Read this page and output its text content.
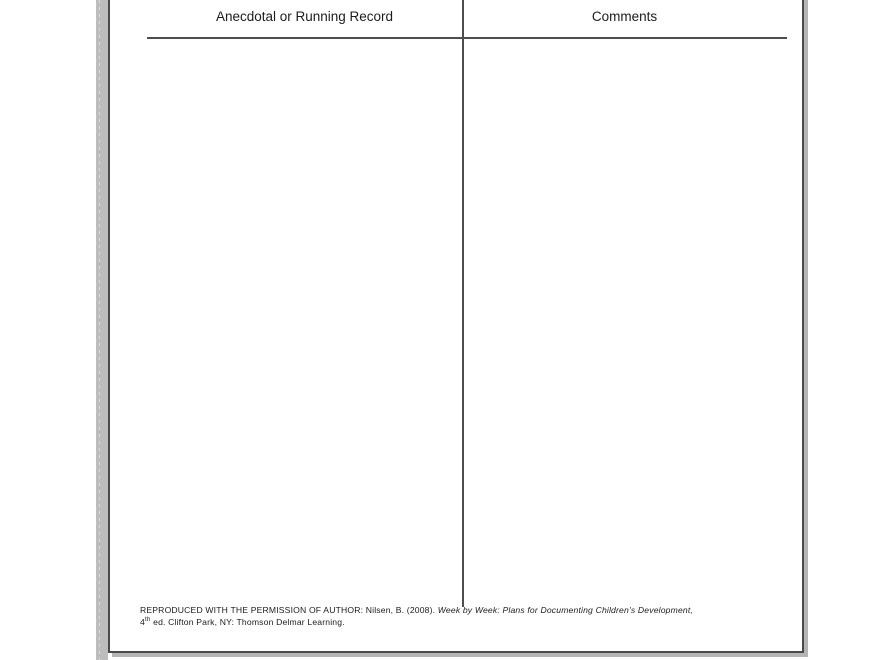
Anecdotal or Running Record	Comments
REPRODUCED WITH THE PERMISSION OF AUTHOR: Nilsen, B. (2008). Week by Week: Plans for Documenting Children’s Development,
4th ed. Clifton Park, NY: Thomson Delmar Learning.
